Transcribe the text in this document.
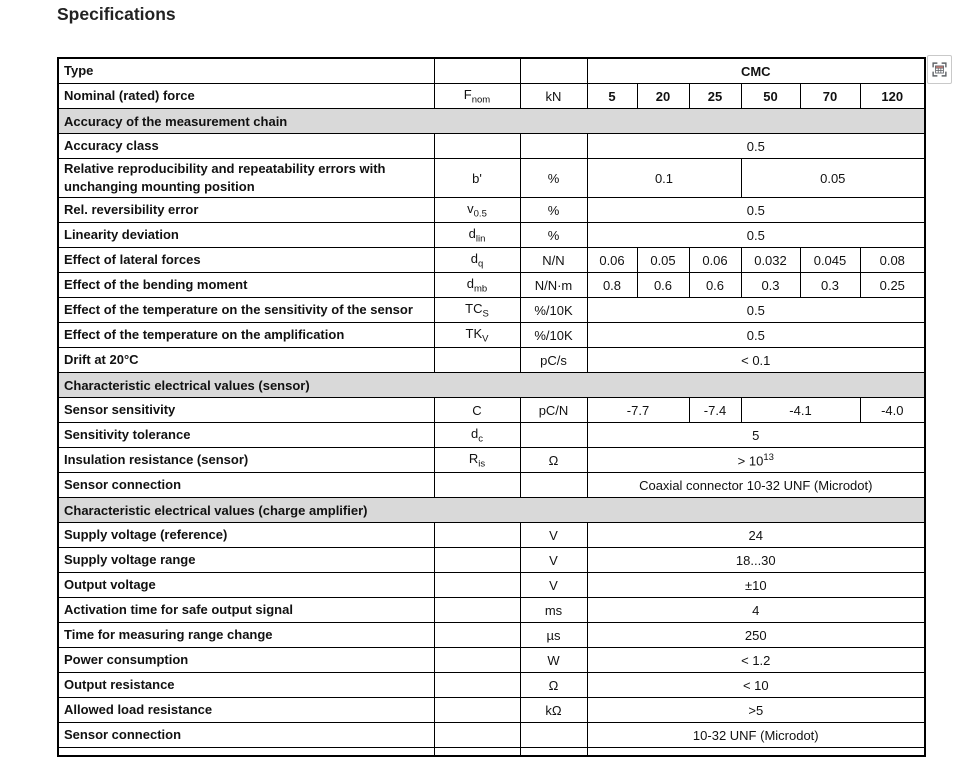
Specifications
Type			CMC					
Nominal (rated) force	$F_{nom}$	kN	5	20	25	50	70	120
Accuracy of the measurement chain								
Accuracy class			0.5					
Relative reproducibility and repeatability errors with unchanging mounting position	b'	%	0.1			0.05		
Rel. reversibility error	$v_{0.5}$	%	0.5					
Linearity deviation	$d_{lin}$	%	0.5					
Effect of lateral forces	$d_q$	N/N	0.06	0.05	0.06	0.032	0.045	0.08
Effect of the bending moment	$d_{mb}$	N/N·m	0.8	0.6	0.6	0.3	0.3	0.25
Effect of the temperature on the sensitivity of the sensor	$TC_S$	%/10K	0.5					
Effect of the temperature on the amplification	$TK_V$	%/10K	0.5					
Drift at 20°C		pC/s	< 0.1					
Characteristic electrical values (sensor)								
Sensor sensitivity	C	pC/N	-7.7		-7.4	-4.1		-4.0
Sensitivity tolerance	$d_c$		5					
Insulation resistance (sensor)	$R_{is}$	Ω	> $10^{13}$
Sensor connection			Coaxial connector 10-32 UNF (Microdot)					
Characteristic electrical values (charge amplifier)								
Supply voltage (reference)		V	24					
Supply voltage range		V	18...30					
Output voltage		V	±10					
Activation time for safe output signal		ms	4					
Time for measuring range change		µs	250					
Power consumption		W	< 1.2					
Output resistance		Ω	< 10					
Allowed load resistance		kΩ	>5					
Sensor connection			10-32 UNF (Microdot)					
